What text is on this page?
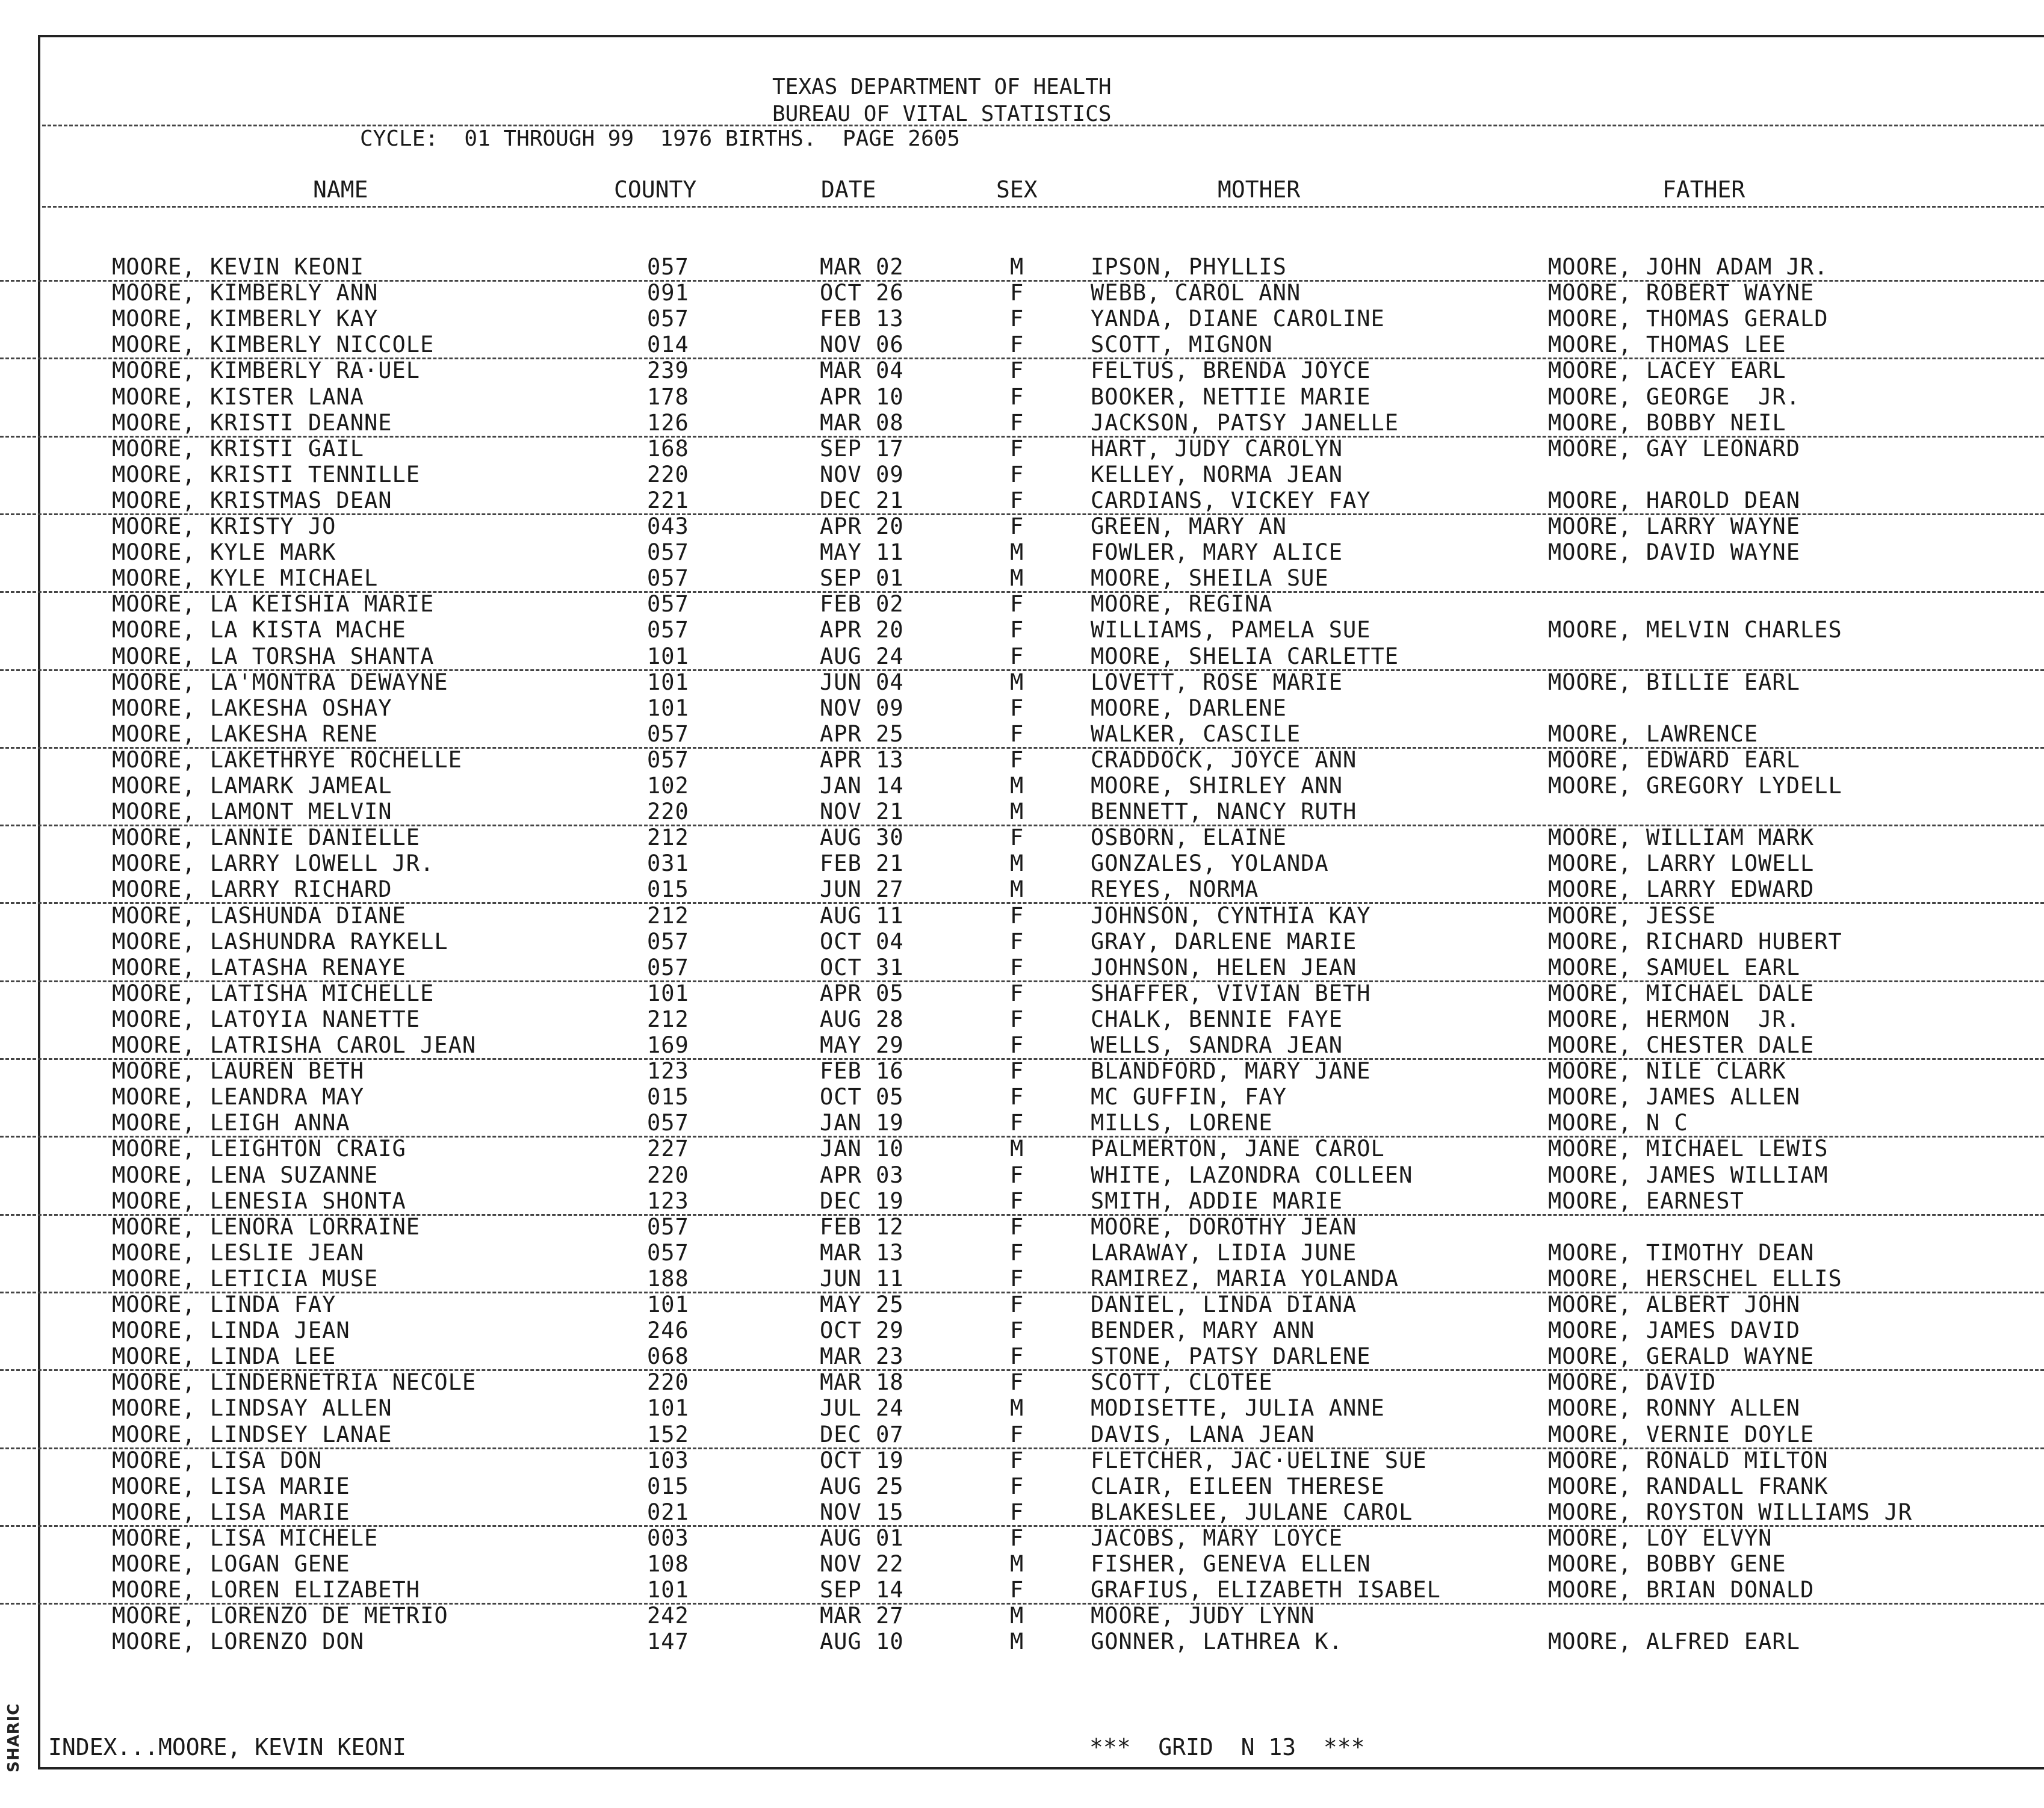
SHARIC
TEXAS DEPARTMENT OF HEALTH
BUREAU OF VITAL STATISTICS
CYCLE:  01 THROUGH 99  1976 BIRTHS.  PAGE 2605
NAME	COUNTY	DATE	SEX	MOTHER	FATHER
MOORE, KEVIN KEONI	057	MAR 02	M	IPSON, PHYLLIS	MOORE, JOHN ADAM JR.
MOORE, KIMBERLY ANN	091	OCT 26	F	WEBB, CAROL ANN	MOORE, ROBERT WAYNE
MOORE, KIMBERLY KAY	057	FEB 13	F	YANDA, DIANE CAROLINE	MOORE, THOMAS GERALD
MOORE, KIMBERLY NICCOLE	014	NOV 06	F	SCOTT, MIGNON	MOORE, THOMAS LEE
MOORE, KIMBERLY RA·UEL	239	MAR 04	F	FELTUS, BRENDA JOYCE	MOORE, LACEY EARL
MOORE, KISTER LANA	178	APR 10	F	BOOKER, NETTIE MARIE	MOORE, GEORGE  JR.
MOORE, KRISTI DEANNE	126	MAR 08	F	JACKSON, PATSY JANELLE	MOORE, BOBBY NEIL
MOORE, KRISTI GAIL	168	SEP 17	F	HART, JUDY CAROLYN	MOORE, GAY LEONARD
MOORE, KRISTI TENNILLE	220	NOV 09	F	KELLEY, NORMA JEAN
MOORE, KRISTMAS DEAN	221	DEC 21	F	CARDIANS, VICKEY FAY	MOORE, HAROLD DEAN
MOORE, KRISTY JO	043	APR 20	F	GREEN, MARY AN	MOORE, LARRY WAYNE
MOORE, KYLE MARK	057	MAY 11	M	FOWLER, MARY ALICE	MOORE, DAVID WAYNE
MOORE, KYLE MICHAEL	057	SEP 01	M	MOORE, SHEILA SUE
MOORE, LA KEISHIA MARIE	057	FEB 02	F	MOORE, REGINA
MOORE, LA KISTA MACHE	057	APR 20	F	WILLIAMS, PAMELA SUE	MOORE, MELVIN CHARLES
MOORE, LA TORSHA SHANTA	101	AUG 24	F	MOORE, SHELIA CARLETTE
MOORE, LA'MONTRA DEWAYNE	101	JUN 04	M	LOVETT, ROSE MARIE	MOORE, BILLIE EARL
MOORE, LAKESHA OSHAY	101	NOV 09	F	MOORE, DARLENE
MOORE, LAKESHA RENE	057	APR 25	F	WALKER, CASCILE	MOORE, LAWRENCE
MOORE, LAKETHRYE ROCHELLE	057	APR 13	F	CRADDOCK, JOYCE ANN	MOORE, EDWARD EARL
MOORE, LAMARK JAMEAL	102	JAN 14	M	MOORE, SHIRLEY ANN	MOORE, GREGORY LYDELL
MOORE, LAMONT MELVIN	220	NOV 21	M	BENNETT, NANCY RUTH
MOORE, LANNIE DANIELLE	212	AUG 30	F	OSBORN, ELAINE	MOORE, WILLIAM MARK
MOORE, LARRY LOWELL JR.	031	FEB 21	M	GONZALES, YOLANDA	MOORE, LARRY LOWELL
MOORE, LARRY RICHARD	015	JUN 27	M	REYES, NORMA	MOORE, LARRY EDWARD
MOORE, LASHUNDA DIANE	212	AUG 11	F	JOHNSON, CYNTHIA KAY	MOORE, JESSE
MOORE, LASHUNDRA RAYKELL	057	OCT 04	F	GRAY, DARLENE MARIE	MOORE, RICHARD HUBERT
MOORE, LATASHA RENAYE	057	OCT 31	F	JOHNSON, HELEN JEAN	MOORE, SAMUEL EARL
MOORE, LATISHA MICHELLE	101	APR 05	F	SHAFFER, VIVIAN BETH	MOORE, MICHAEL DALE
MOORE, LATOYIA NANETTE	212	AUG 28	F	CHALK, BENNIE FAYE	MOORE, HERMON  JR.
MOORE, LATRISHA CAROL JEAN	169	MAY 29	F	WELLS, SANDRA JEAN	MOORE, CHESTER DALE
MOORE, LAUREN BETH	123	FEB 16	F	BLANDFORD, MARY JANE	MOORE, NILE CLARK
MOORE, LEANDRA MAY	015	OCT 05	F	MC GUFFIN, FAY	MOORE, JAMES ALLEN
MOORE, LEIGH ANNA	057	JAN 19	F	MILLS, LORENE	MOORE, N C
MOORE, LEIGHTON CRAIG	227	JAN 10	M	PALMERTON, JANE CAROL	MOORE, MICHAEL LEWIS
MOORE, LENA SUZANNE	220	APR 03	F	WHITE, LAZONDRA COLLEEN	MOORE, JAMES WILLIAM
MOORE, LENESIA SHONTA	123	DEC 19	F	SMITH, ADDIE MARIE	MOORE, EARNEST
MOORE, LENORA LORRAINE	057	FEB 12	F	MOORE, DOROTHY JEAN
MOORE, LESLIE JEAN	057	MAR 13	F	LARAWAY, LIDIA JUNE	MOORE, TIMOTHY DEAN
MOORE, LETICIA MUSE	188	JUN 11	F	RAMIREZ, MARIA YOLANDA	MOORE, HERSCHEL ELLIS
MOORE, LINDA FAY	101	MAY 25	F	DANIEL, LINDA DIANA	MOORE, ALBERT JOHN
MOORE, LINDA JEAN	246	OCT 29	F	BENDER, MARY ANN	MOORE, JAMES DAVID
MOORE, LINDA LEE	068	MAR 23	F	STONE, PATSY DARLENE	MOORE, GERALD WAYNE
MOORE, LINDERNETRIA NECOLE	220	MAR 18	F	SCOTT, CLOTEE	MOORE, DAVID
MOORE, LINDSAY ALLEN	101	JUL 24	M	MODISETTE, JULIA ANNE	MOORE, RONNY ALLEN
MOORE, LINDSEY LANAE	152	DEC 07	F	DAVIS, LANA JEAN	MOORE, VERNIE DOYLE
MOORE, LISA DON	103	OCT 19	F	FLETCHER, JAC·UELINE SUE	MOORE, RONALD MILTON
MOORE, LISA MARIE	015	AUG 25	F	CLAIR, EILEEN THERESE	MOORE, RANDALL FRANK
MOORE, LISA MARIE	021	NOV 15	F	BLAKESLEE, JULANE CAROL	MOORE, ROYSTON WILLIAMS JR
MOORE, LISA MICHELE	003	AUG 01	F	JACOBS, MARY LOYCE	MOORE, LOY ELVYN
MOORE, LOGAN GENE	108	NOV 22	M	FISHER, GENEVA ELLEN	MOORE, BOBBY GENE
MOORE, LOREN ELIZABETH	101	SEP 14	F	GRAFIUS, ELIZABETH ISABEL	MOORE, BRIAN DONALD
MOORE, LORENZO DE METRIO	242	MAR 27	M	MOORE, JUDY LYNN
MOORE, LORENZO DON	147	AUG 10	M	GONNER, LATHREA K.	MOORE, ALFRED EARL
INDEX...MOORE, KEVIN KEONI	***  GRID  N 13  ***
